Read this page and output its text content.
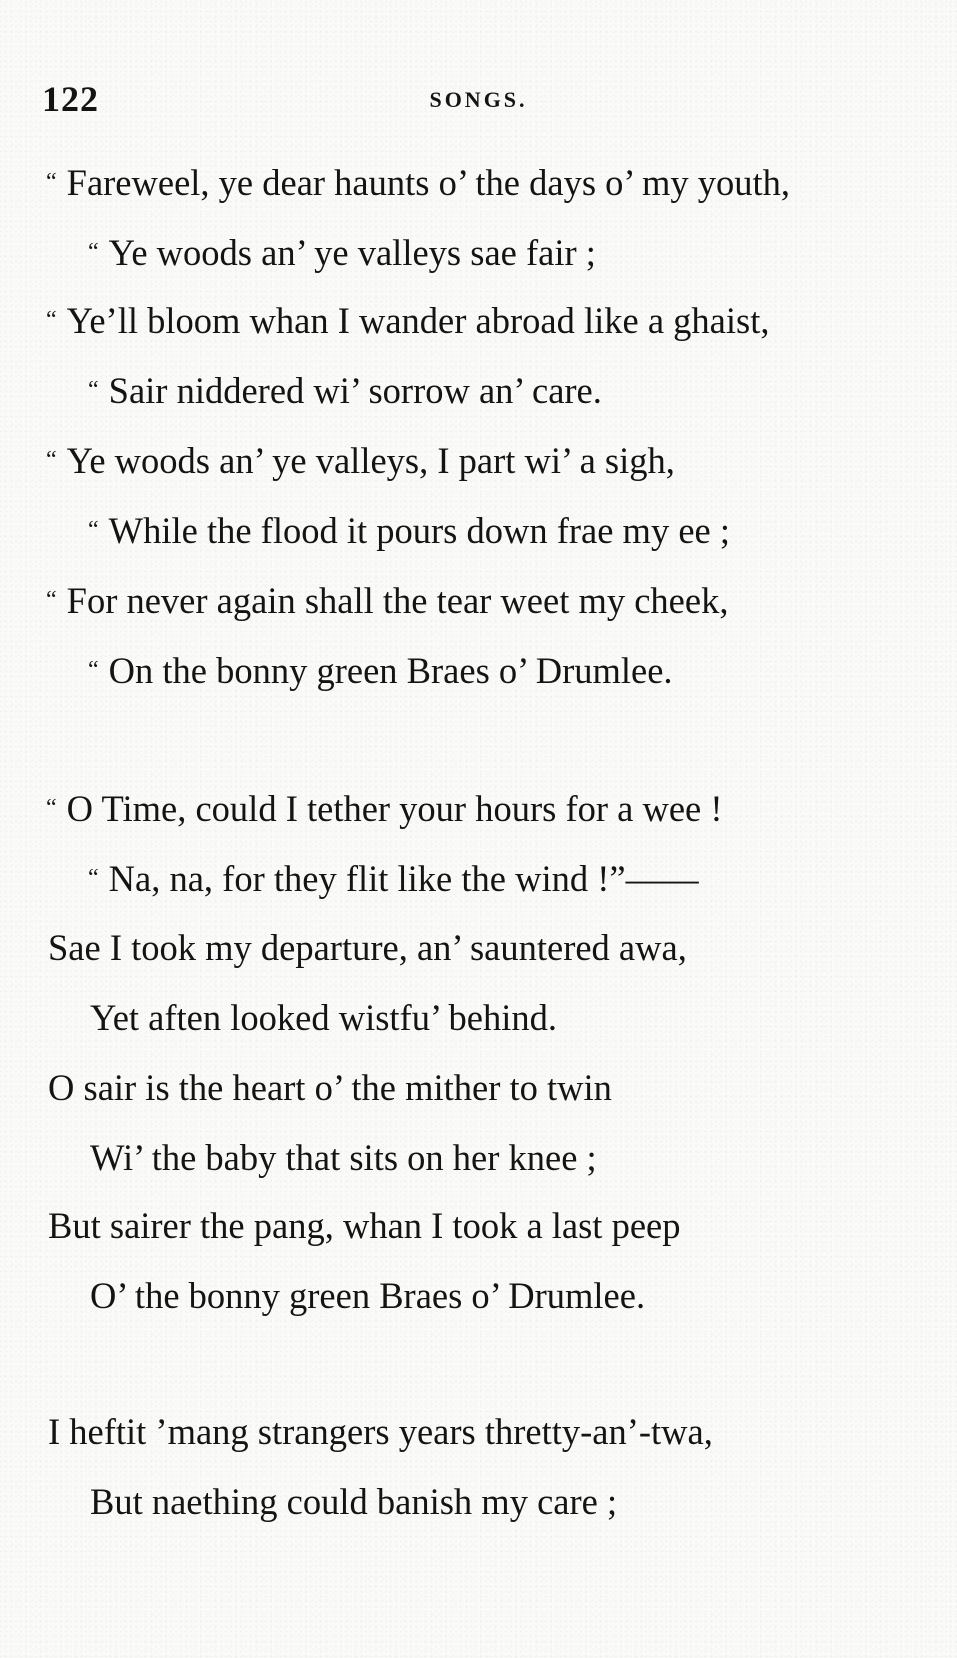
122	SONGS.
“ Fareweel, ye dear haunts o’ the days o’ my youth,
“ Ye woods an’ ye valleys sae fair ;
“ Ye’ll bloom whan I wander abroad like a ghaist,
“ Sair niddered wi’ sorrow an’ care.
“ Ye woods an’ ye valleys, I part wi’ a sigh,
“ While the flood it pours down frae my ee ;
“ For never again shall the tear weet my cheek,
“ On the bonny green Braes o’ Drumlee.
“ O Time, could I tether your hours for a wee !
“ Na, na, for they flit like the wind !”——
Sae I took my departure, an’ sauntered awa,
Yet aften looked wistfu’ behind.
O sair is the heart o’ the mither to twin
Wi’ the baby that sits on her knee ;
But sairer the pang, whan I took a last peep
O’ the bonny green Braes o’ Drumlee.
I heftit ’mang strangers years thretty-an’-twa,
But naething could banish my care ;
